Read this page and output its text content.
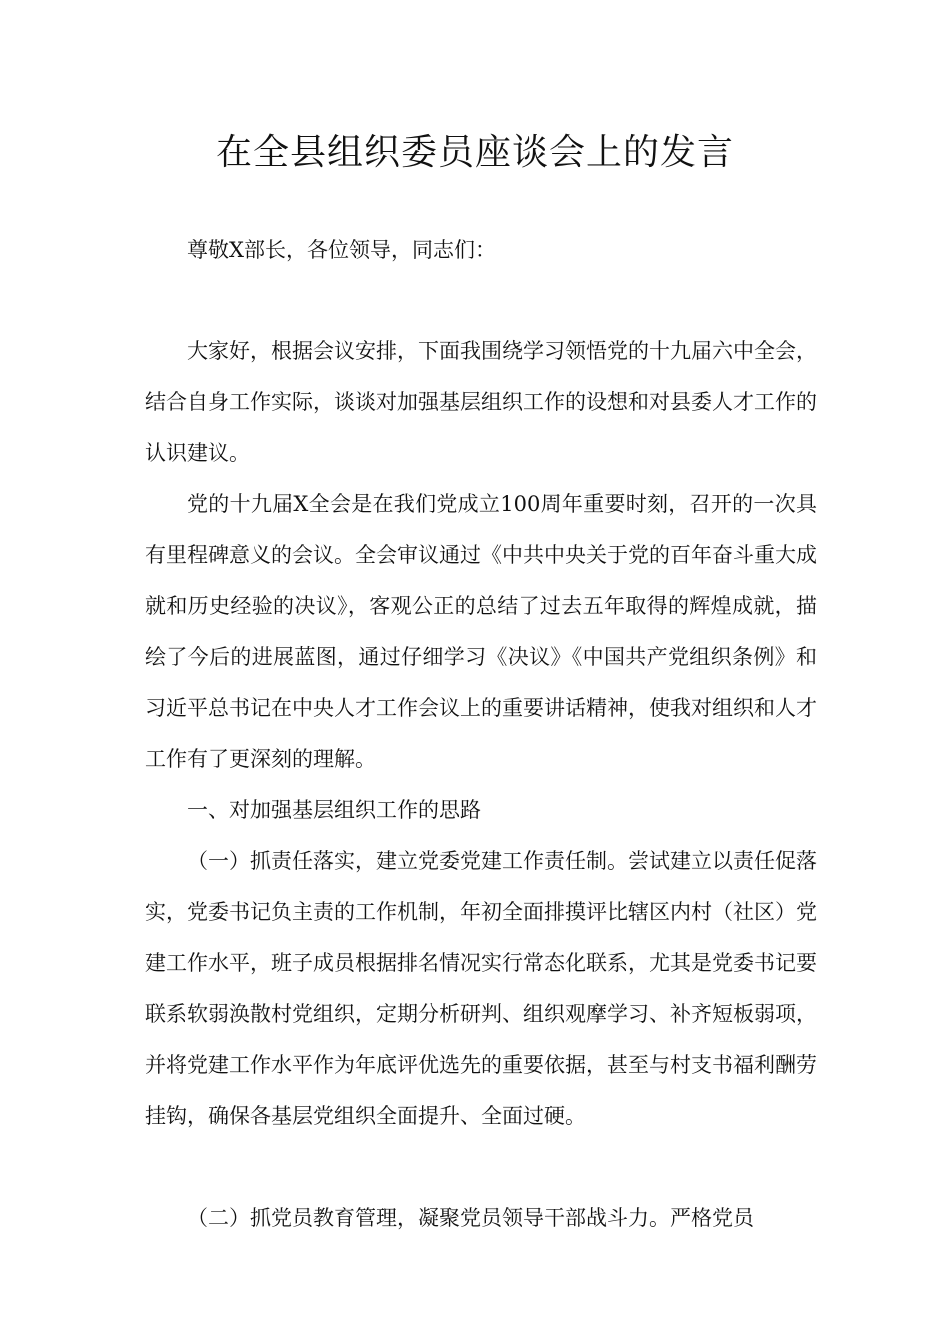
在全县组织委员座谈会上的发言

尊敬X部长，各位领导，同志们：

大家好，根据会议安排，下面我围绕学习领悟党的十九届六中全会，结合自身工作实际，谈谈对加强基层组织工作的设想和对县委人才工作的认识建议。

党的十九届X全会是在我们党成立100周年重要时刻，召开的一次具有里程碑意义的会议。全会审议通过《中共中央关于党的百年奋斗重大成就和历史经验的决议》，客观公正的总结了过去五年取得的辉煌成就，描绘了今后的进展蓝图，通过仔细学习《决议》《中国共产党组织条例》和习近平总书记在中央人才工作会议上的重要讲话精神，使我对组织和人才工作有了更深刻的理解。

一、对加强基层组织工作的思路

（一）抓责任落实，建立党委党建工作责任制。尝试建立以责任促落实，党委书记负主责的工作机制，年初全面排摸评比辖区内村（社区）党建工作水平，班子成员根据排名情况实行常态化联系，尤其是党委书记要联系软弱涣散村党组织，定期分析研判、组织观摩学习、补齐短板弱项，并将党建工作水平作为年底评优选先的重要依据，甚至与村支书福利酬劳挂钩，确保各基层党组织全面提升、全面过硬。

（二）抓党员教育管理，凝聚党员领导干部战斗力。严格党员
